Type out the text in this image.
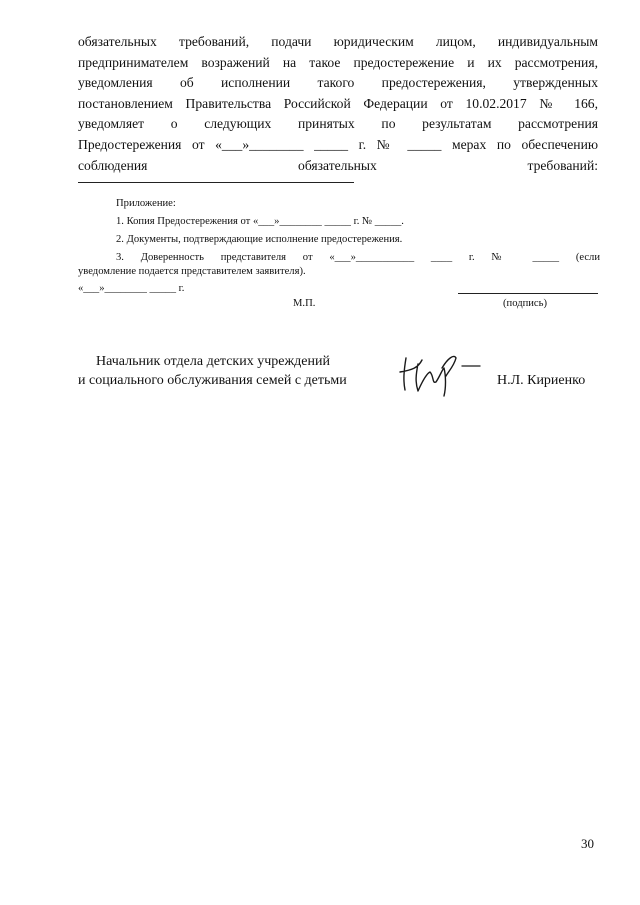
обязательных требований, подачи юридическим лицом, индивидуальным
предпринимателем возражений на такое предостережение и их рассмотрения,
уведомления об исполнении такого предостережения, утвержденных
постановлением Правительства Российской Федерации от 10.02.2017 № 166,
уведомляет о следующих принятых по результатам рассмотрения
Предостережения от «___»________ _____ г. № _____ мерах по обеспечению
соблюдения обязательных требований:
Приложение:
1. Копия Предостережения от «___»________ _____ г. № _____.
2. Документы, подтверждающие исполнение предостережения.
3. Доверенность представителя от «___»___________ ____ г. № _____ (если
уведомление подается представителем заявителя).
«___»________ _____ г.
М.П.	(подпись)
Начальник отдела детских учреждений
и социального обслуживания семей с детьми	Н.Л. Кириенко
30
